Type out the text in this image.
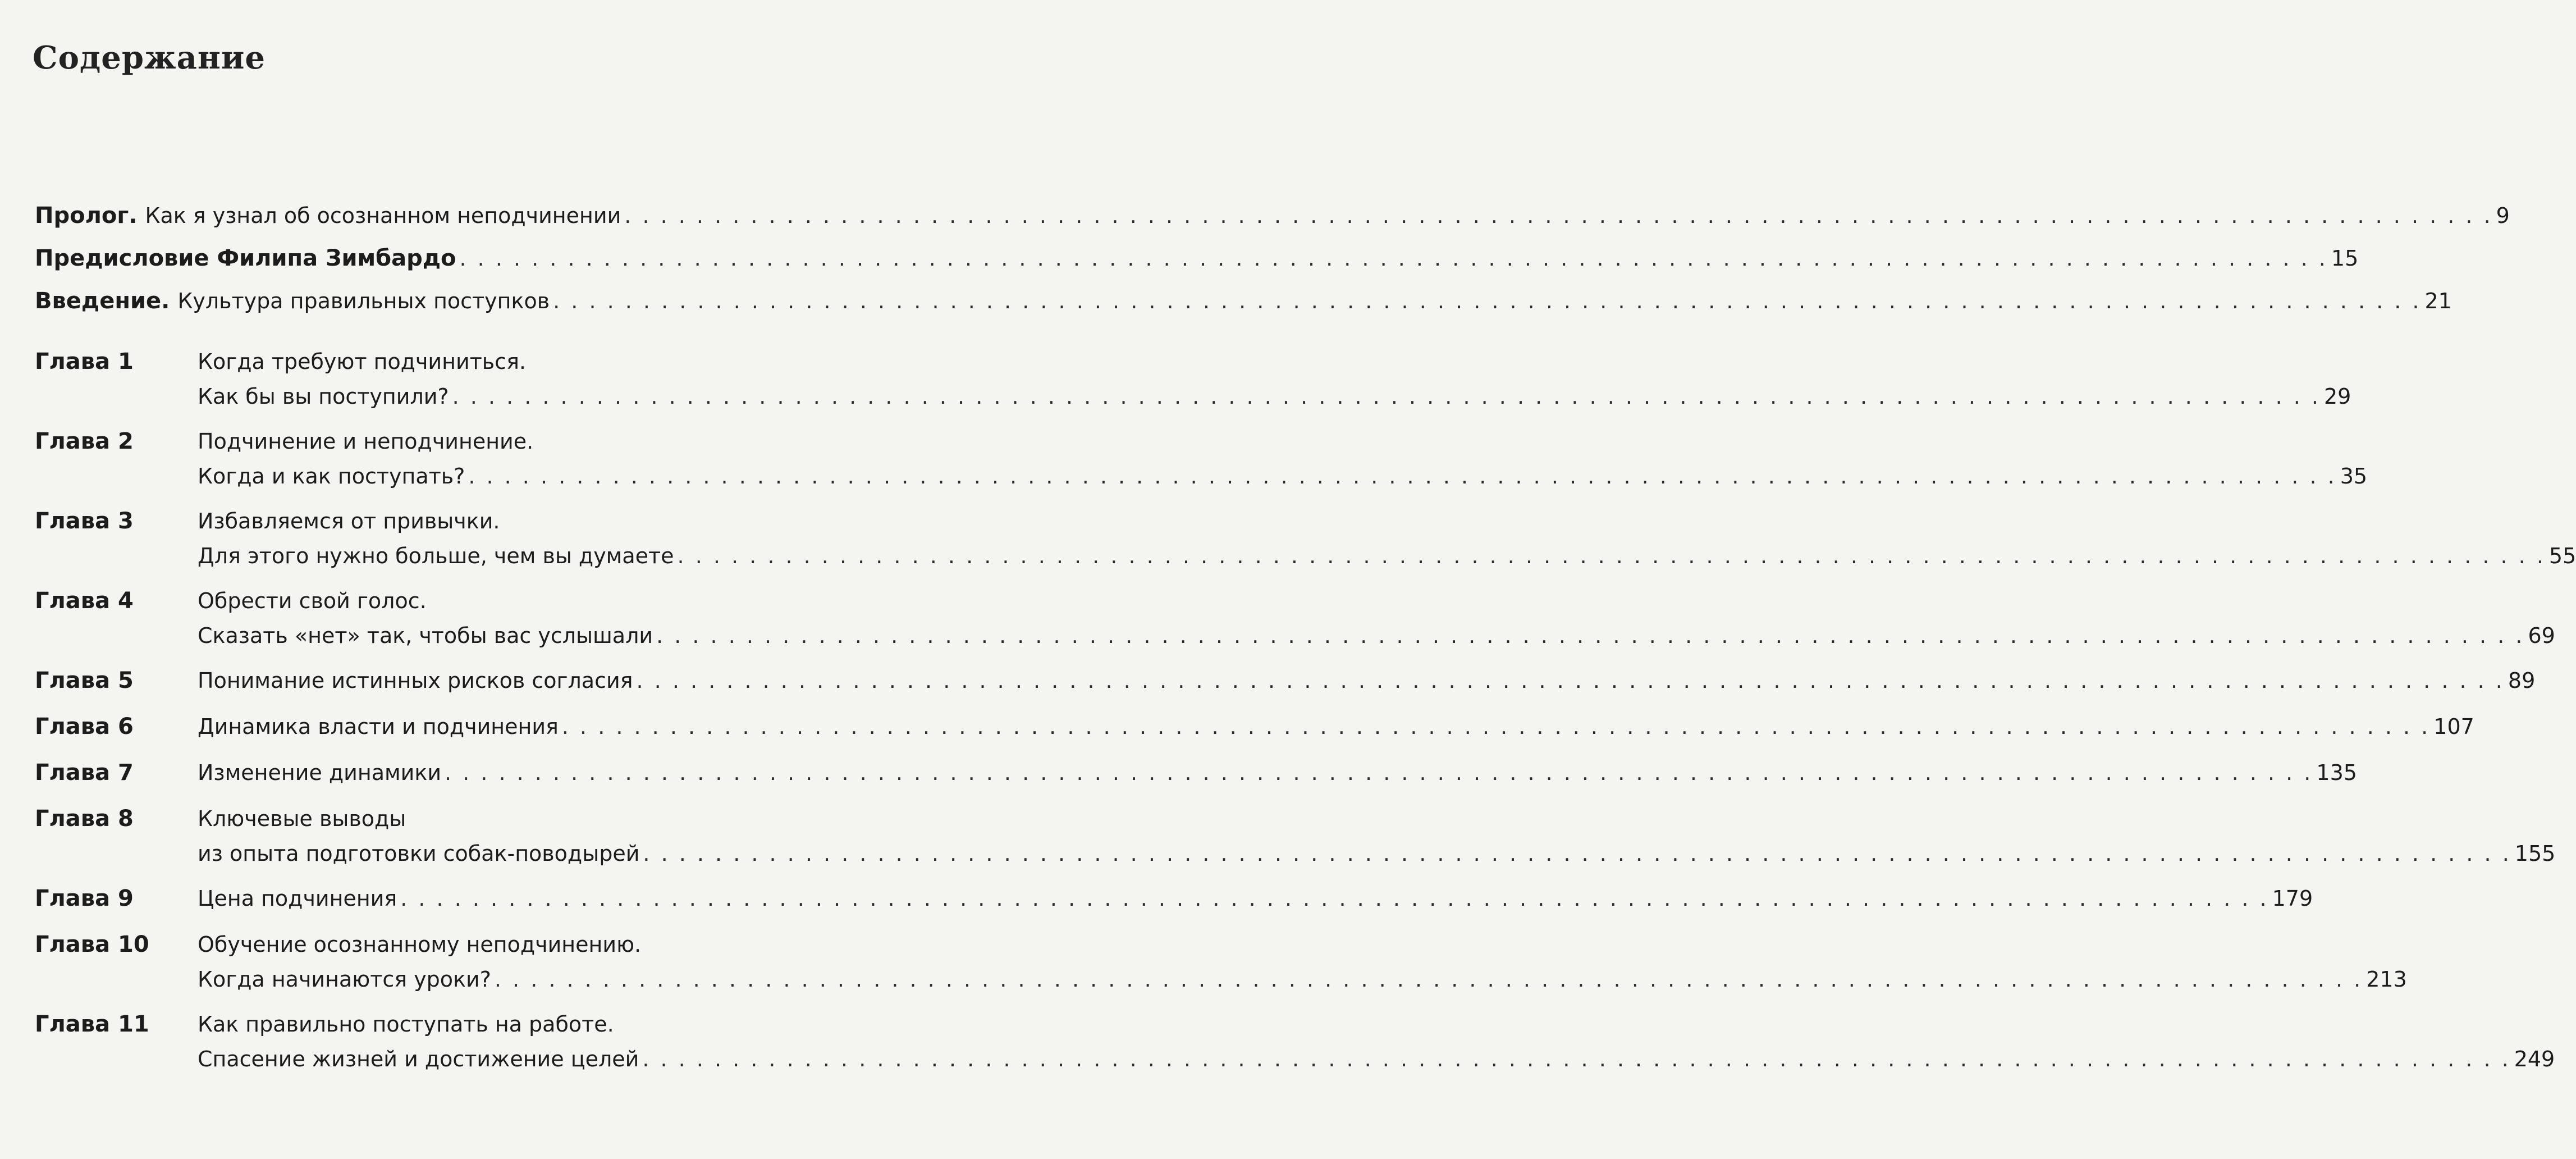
Содержание
Пролог. Как я узнал об осознанном неподчинении . . .	9
Предисловие Филипа Зимбардо . . .	15
Введение. Культура правильных поступков . . .	21
Глава 1	Когда требуют подчиниться.
Как бы вы поступили? . . .	29
Глава 2	Подчинение и неподчинение.
Когда и как поступать? . . .	35
Глава 3	Избавляемся от привычки.
Для этого нужно больше, чем вы думаете . . .	55
Глава 4	Обрести свой голос.
Сказать «нет» так, чтобы вас услышали . . .	69
Глава 5	Понимание истинных рисков согласия . . .	89
Глава 6	Динамика власти и подчинения . . .	107
Глава 7	Изменение динамики . . .	135
Глава 8	Ключевые выводы
из опыта подготовки собак-поводырей . . .	155
Глава 9	Цена подчинения . . .	179
Глава 10	Обучение осознанному неподчинению.
Когда начинаются уроки? . . .	213
Глава 11	Как правильно поступать на работе.
Спасение жизней и достижение целей . . .	249
